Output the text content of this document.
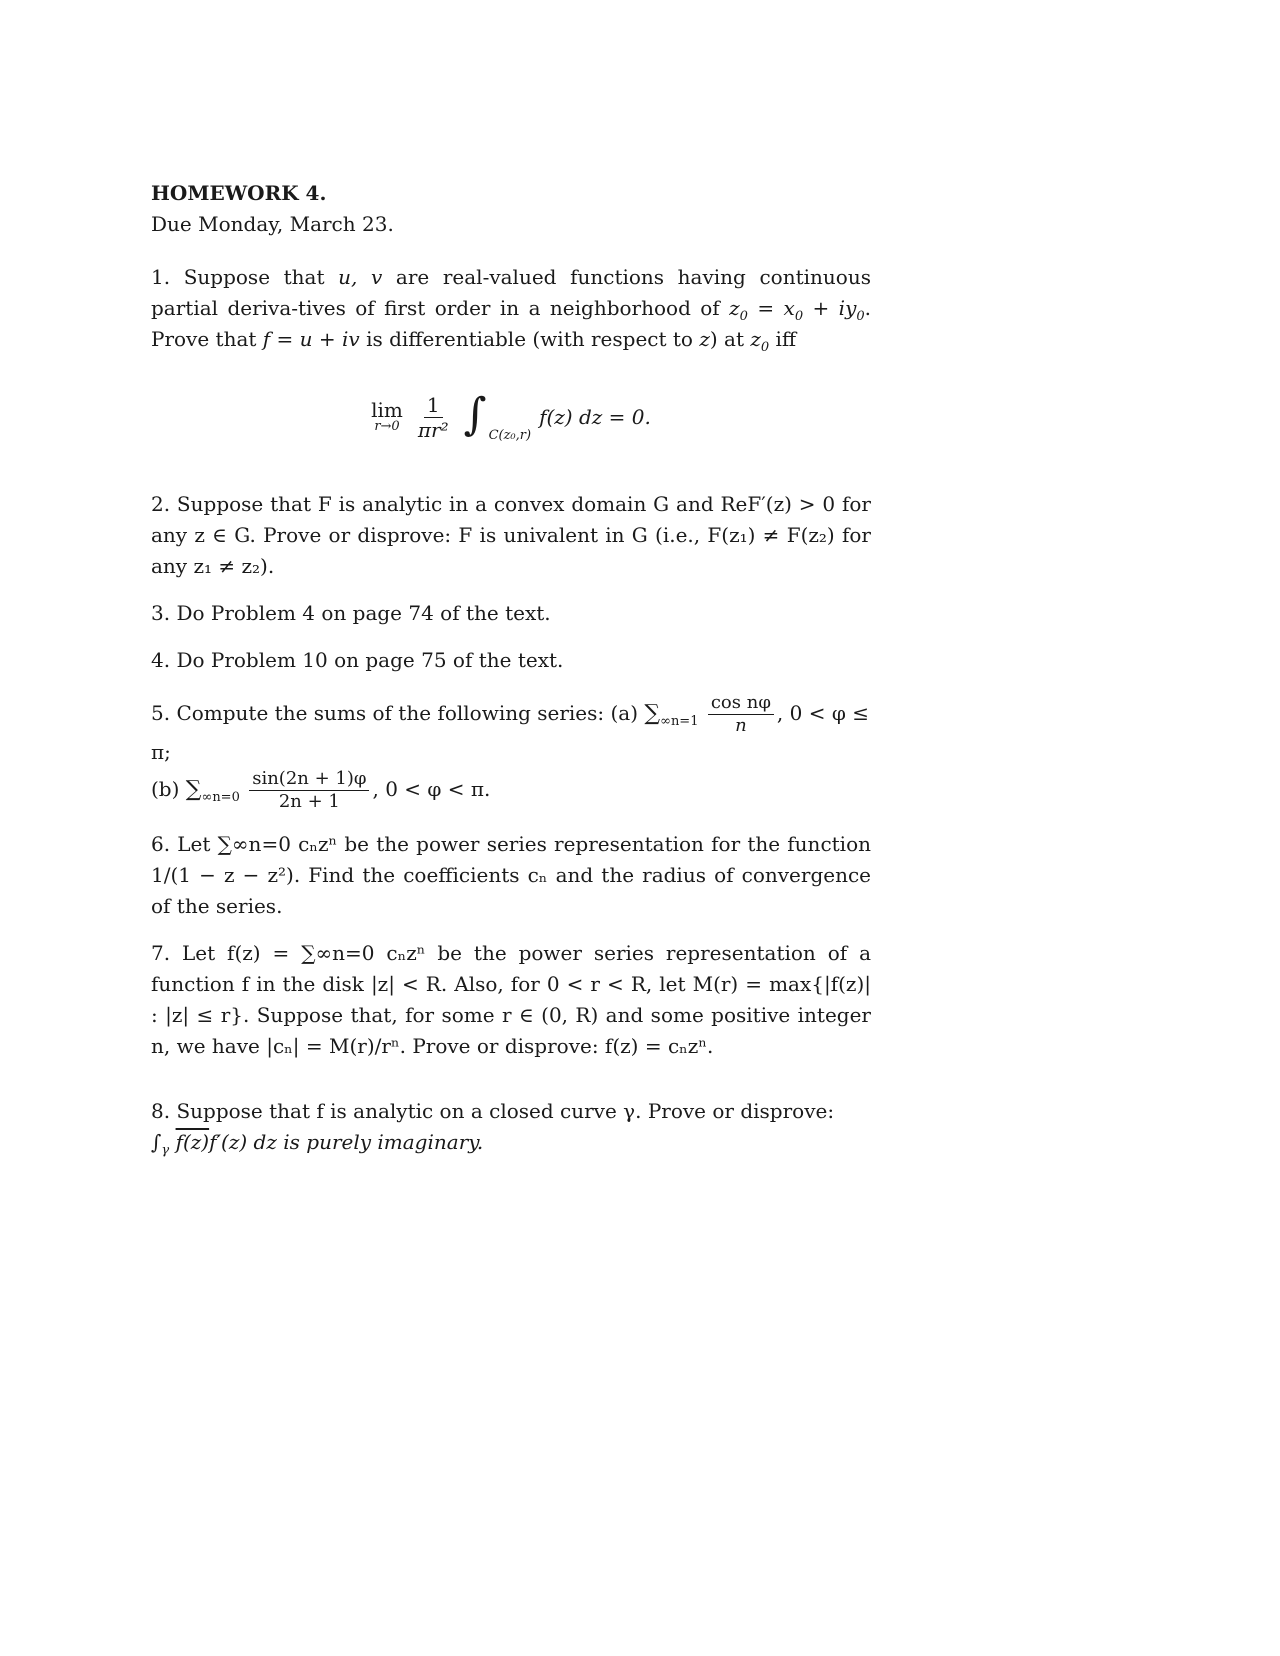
HOMEWORK 4.
Due Monday, March 23.

1. Suppose that u, v are real-valued functions having continuous partial deriva-tives of first order in a neighborhood of $z_0 = x_0 + iy_0$. Prove that f = u + iv is differentiable (with respect to z) at $z_0$ iff

lim
$r\to 0 \frac{1}{\text{πr²}}$ ∫ C(z₀,r)
f(z) dz = 0.

2. Suppose that F is analytic in a convex domain G and ReF′(z) > 0 for any z ∈ G. Prove or disprove: F is univalent in G (i.e., F(z₁) ≠ F(z₂) for any z₁ ≠ z₂).

3. Do Problem 4 on page 74 of the text.

4. Do Problem 10 on page 75 of the text.

5. Compute the sums of the following series: (a) $\sum_{\infty n=1} \frac{\text{cos nφ}}{n}$ , 0 < φ ≤ π;
(b) $\sum_{\infty n=0} \frac{\sin(2n + 1)\varphi}{2n + 1}$ , 0 < φ < π.

6. Let ∑∞n=0 cₙzⁿ be the power series representation for the function 1/(1 − z − z²). Find the coefficients cₙ and the radius of convergence of the series.

7. Let f(z) = ∑∞n=0 cₙzⁿ be the power series representation of a function f in the disk |z| < R. Also, for 0 < r < R, let M(r) = max{|f(z)| : |z| ≤ r}. Suppose that, for some r ∈ (0, R) and some positive integer n, we have |cₙ| = M(r)/rⁿ. Prove or disprove: f(z) = cₙzⁿ.

8. Suppose that f is analytic on a closed curve γ. Prove or disprove:
$\int_\gamma$ f(z)f′(z) dz is purely imaginary.
